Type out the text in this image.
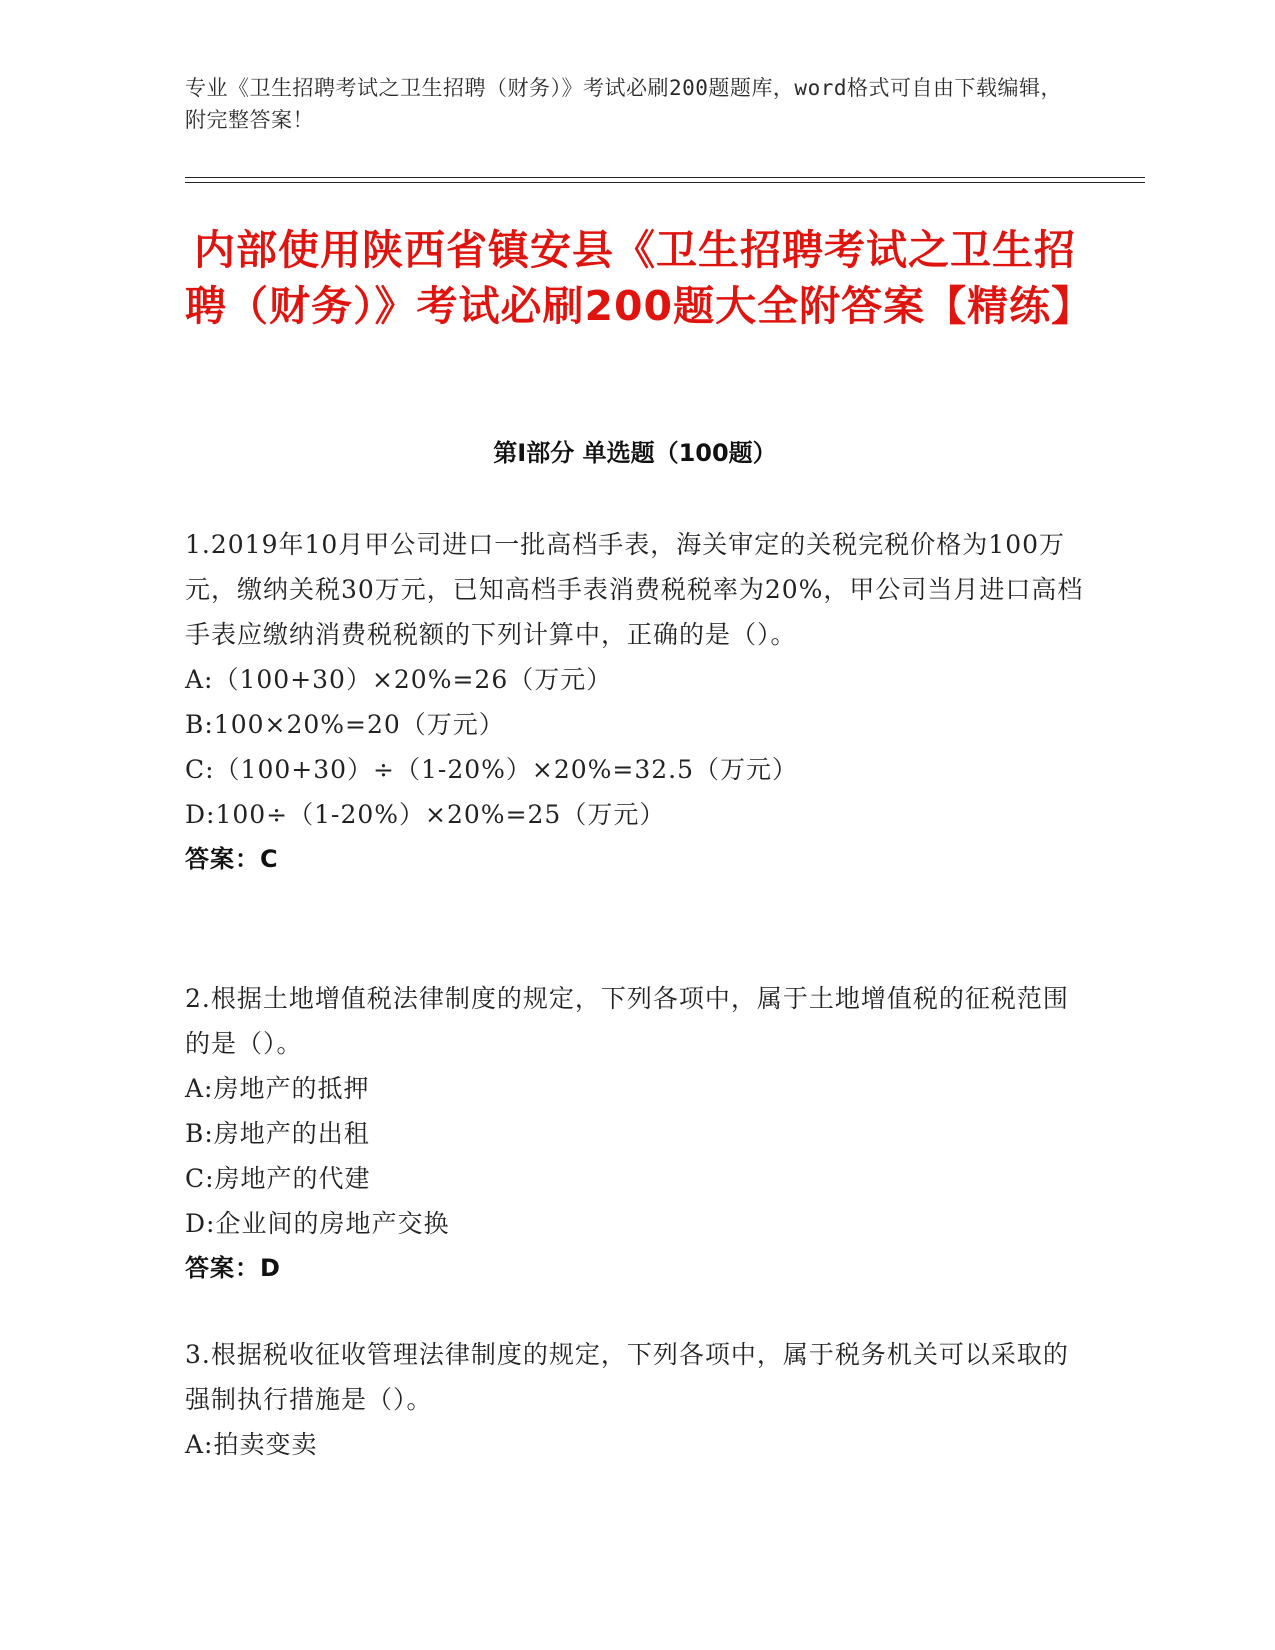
专业《卫生招聘考试之卫生招聘（财务）》考试必刷200题题库，word格式可自由下载编辑，附完整答案！
内部使用陕西省镇安县《卫生招聘考试之卫生招聘（财务）》考试必刷200题大全附答案【精练】
第I部分 单选题（100题）

1.2019年10月甲公司进口一批高档手表，海关审定的关税完税价格为100万元，缴纳关税30万元，已知高档手表消费税税率为20%，甲公司当月进口高档手表应缴纳消费税税额的下列计算中，正确的是（）。

A:（100+30）×20%=26（万元）

B:100×20%=20（万元）

C:（100+30）÷（1-20%）×20%=32.5（万元）

D:100÷（1-20%）×20%=25（万元）

答案：C

2.根据土地增值税法律制度的规定，下列各项中，属于土地增值税的征税范围的是（）。

A:房地产的抵押

B:房地产的出租

C:房地产的代建

D:企业间的房地产交换

答案：D

3.根据税收征收管理法律制度的规定，下列各项中，属于税务机关可以采取的强制执行措施是（）。

A:拍卖变卖
